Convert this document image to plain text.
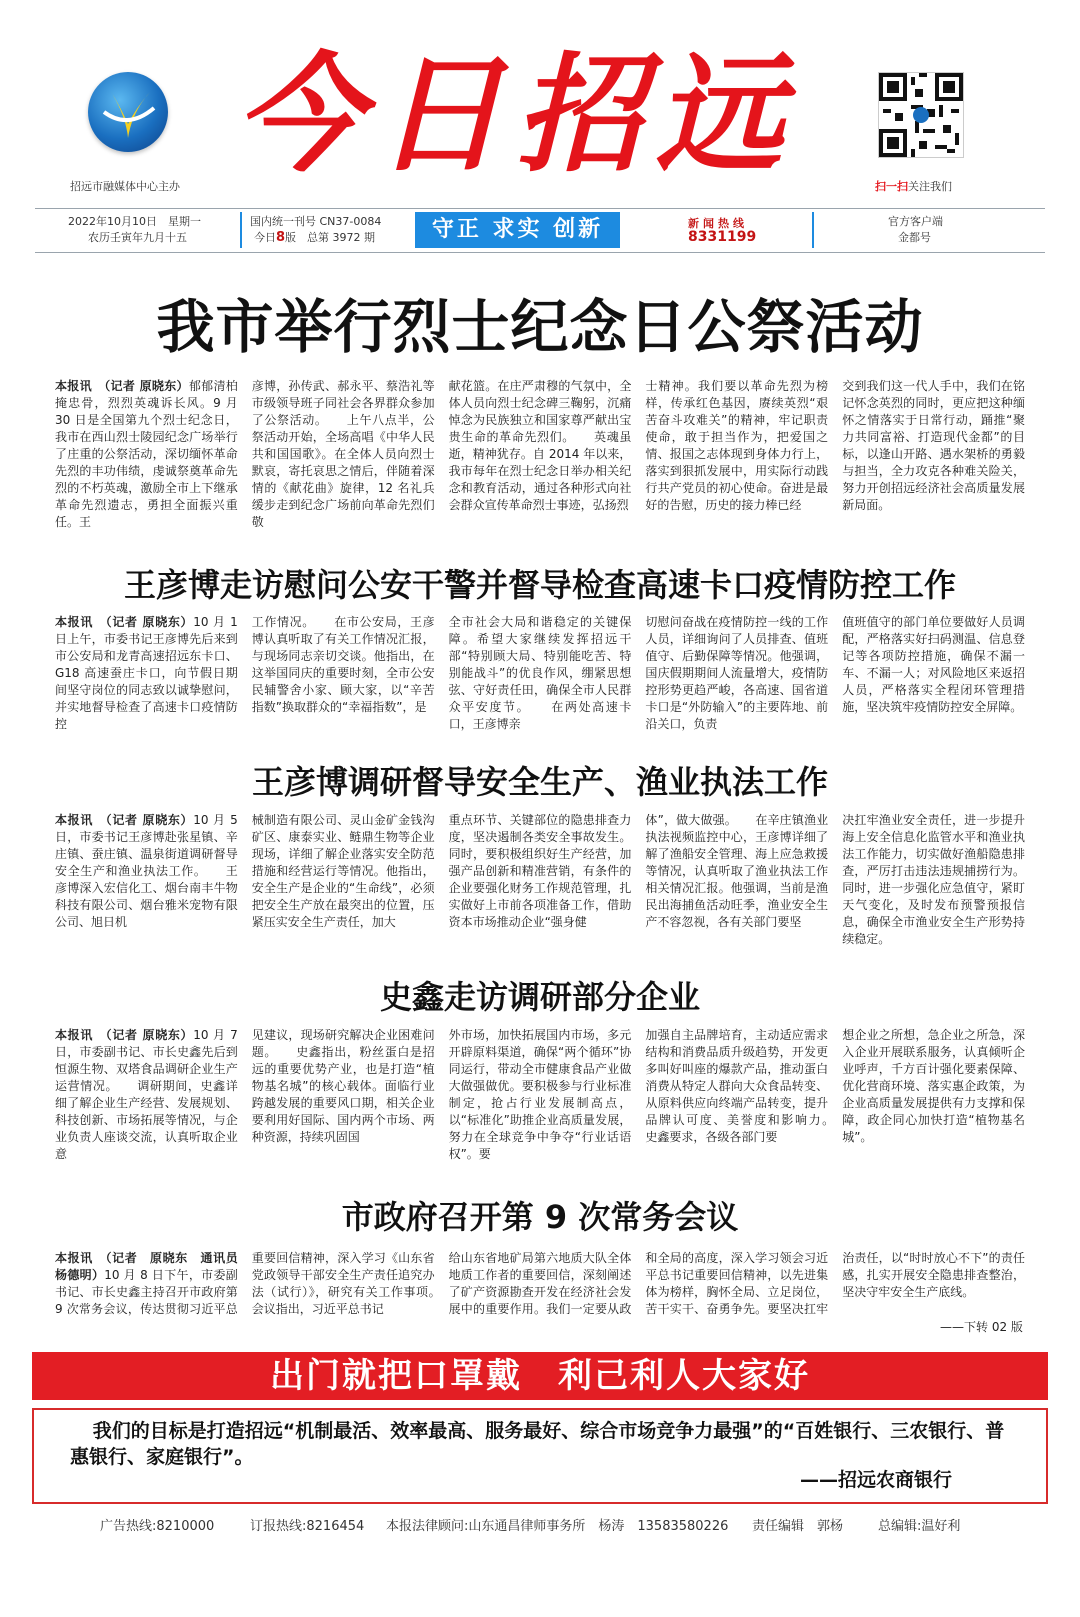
招远市融媒体中心主办 今日招远	扫一扫关注我们
2022年10月10日　星期一
农历壬寅年九月十五
国内统一刊号 CN37-0084
今日8版　总第 3972 期	守正 求实 创新	新闻热线
8331199
官方客户端
金都号
我市举行烈士纪念日公祭活动

本报讯　（记者 原晓东）郁郁清柏掩忠骨，烈烈英魂诉长风。9 月 30 日是全国第九个烈士纪念日，我市在西山烈士陵园纪念广场举行了庄重的公祭活动，深切缅怀革命先烈的丰功伟绩，虔诚祭奠革命先烈的不朽英魂，激励全市上下继承革命先烈遗志，勇担全面振兴重任。王

彦博，孙传武、郝永平、蔡浩礼等市级领导班子同社会各界群众参加了公祭活动。　　上午八点半，公祭活动开始，全场高唱《中华人民共和国国歌》。在全体人员向烈士默哀，寄托哀思之情后，伴随着深情的《献花曲》旋律，12 名礼兵缓步走到纪念广场前向革命先烈们敬
献花篮。在庄严肃穆的气氛中，全体人员向烈士纪念碑三鞠躬，沉痛悼念为民族独立和国家尊严献出宝贵生命的革命先烈们。　　英魂虽逝，精神犹存。自 2014 年以来，我市每年在烈士纪念日举办相关纪念和教育活动，通过各种形式向社会群众宣传革命烈士事迹，弘扬烈
士精神。我们要以革命先烈为榜样，传承红色基因，赓续英烈“艰苦奋斗攻难关”的精神，牢记职责使命，敢于担当作为，把爱国之情、报国之志体现到身体力行上，落实到狠抓发展中，用实际行动践行共产党员的初心使命。奋进是最好的告慰，历史的接力棒已经
交到我们这一代人手中，我们在铭记怀念英烈的同时，更应把这种缅怀之情落实于日常行动，踊推“聚力共同富裕、打造现代金都”的目标，以逢山开路、遇水架桥的勇毅与担当，全力攻克各种难关险关，努力开创招远经济社会高质量发展新局面。
王彦博走访慰问公安干警并督导检查高速卡口疫情防控工作

本报讯　（记者 原晓东）10 月 1 日上午，市委书记王彦博先后来到市公安局和龙青高速招远东卡口、G18 高速蚕庄卡口，向节假日期间坚守岗位的同志致以诚挚慰问，并实地督导检查了高速卡口疫情防控

工作情况。　　在市公安局，王彦博认真听取了有关工作情况汇报，与现场同志亲切交谈。他指出，在这举国同庆的重要时刻，全市公安民辅警舍小家、顾大家，以“辛苦指数”换取群众的“幸福指数”，是
全市社会大局和谐稳定的关键保障。希望大家继续发挥招远干部“特别顾大局、特别能吃苦、特别能战斗”的优良作风，绷紧思想弦、守好责任田，确保全市人民群众平安度节。　　在两处高速卡口，王彦博亲
切慰问奋战在疫情防控一线的工作人员，详细询问了人员排查、值班值守、后勤保障等情况。他强调，国庆假期期间人流量增大，疫情防控形势更趋严峻，各高速、国省道卡口是“外防输入”的主要阵地、前沿关口，负责
值班值守的部门单位要做好人员调配，严格落实好扫码测温、信息登记等各项防控措施，确保不漏一车、不漏一人；对风险地区来返招人员，严格落实全程闭环管理措施，坚决筑牢疫情防控安全屏障。
王彦博调研督导安全生产、渔业执法工作

本报讯　（记者 原晓东）10 月 5 日，市委书记王彦博赴张星镇、辛庄镇、蚕庄镇、温泉街道调研督导安全生产和渔业执法工作。　　王彦博深入宏信化工、烟台南丰牛物科技有限公司、烟台雅米宠物有限公司、旭日机

械制造有限公司、灵山金矿金钱沟矿区、康泰实业、鲢鼎生物等企业现场，详细了解企业落实安全防范措施和经营运行等情况。他指出，安全生产是企业的“生命线”，必须把安全生产放在最突出的位置，压紧压实安全生产责任，加大
重点环节、关键部位的隐患排查力度，坚决遏制各类安全事故发生。同时，要积极组织好生产经营，加强产品创新和精准营销，有条件的企业要强化财务工作规范管理，扎实做好上市前各项准备工作，借助资本市场推动企业“强身健
体”，做大做强。　　在辛庄镇渔业执法视频监控中心，王彦博详细了解了渔船安全管理、海上应急救援等情况，认真听取了渔业执法工作相关情况汇报。他强调，当前是渔民出海捕鱼活动旺季，渔业安全生产不容忽视，各有关部门要坚
决扛牢渔业安全责任，进一步提升海上安全信息化监管水平和渔业执法工作能力，切实做好渔船隐患排查，严厉打击违法违规捕捞行为。同时，进一步强化应急值守，紧盯天气变化，及时发布预警预报信息，确保全市渔业安全生产形势持续稳定。
史鑫走访调研部分企业

本报讯　（记者 原晓东）10 月 7 日，市委副书记、市长史鑫先后到恒源生物、双塔食品调研企业生产运营情况。　　调研期间，史鑫详细了解企业生产经营、发展规划、科技创新、市场拓展等情况，与企业负责人座谈交流，认真听取企业意

见建议，现场研究解决企业困难问题。　　史鑫指出，粉丝蛋白是招远的重要优势产业，也是打造“植物基名城”的核心载体。面临行业跨越发展的重要风口期，相关企业要利用好国际、国内两个市场、两种资源，持续巩固国
外市场，加快拓展国内市场，多元开辟原料渠道，确保“两个循环”协同运行，带动全市健康食品产业做大做强做优。要积极参与行业标准制定，抢占行业发展制高点，以“标准化”助推企业高质量发展，努力在全球竞争中争夺“行业话语权”。要
加强自主品牌培育，主动适应需求结构和消费品质升级趋势，开发更多叫好叫座的爆款产品，推动蛋白消费从特定人群向大众食品转变、从原料供应向终端产品转变，提升品牌认可度、美誉度和影响力。　　史鑫要求，各级各部门要
想企业之所想，急企业之所急，深入企业开展联系服务，认真倾听企业呼声，千方百计强化要素保障、优化营商环境、落实惠企政策，为企业高质量发展提供有力支撑和保障，政企同心加快打造“植物基名城”。
市政府召开第 9 次常务会议

本报讯　（记者　原晓东　通讯员　杨德明）10 月 8 日下午，市委副书记、市长史鑫主持召开市政府第 9 次常务会议，传达贯彻习近平总

重要回信精神，深入学习《山东省党政领导干部安全生产责任追究办法（试行）》，研究有关工作事项。　　会议指出，习近平总书记
给山东省地矿局第六地质大队全体地质工作者的重要回信，深刻阐述了矿产资源勘查开发在经济社会发展中的重要作用。我们一定要从政
和全局的高度，深入学习领会习近平总书记重要回信精神，以先进集体为榜样，胸怀全局、立足岗位，苦干实干、奋勇争先。要坚决扛牢
治责任，以“时时放心不下”的责任感，扎实开展安全隐患排查整治，坚决守牢安全生产底线。
——下转 02 版
出门就把口罩戴　利己利人大家好
我们的目标是打造招远“机制最活、效率最高、服务最好、综合市场竞争力最强”的“百姓银行、三农银行、普惠银行、家庭银行”。
——招远农商银行
广告热线:8210000	订报热线:8216454 本报法律顾问:山东通昌律师事务所　杨涛　13583580226 责任编辑　郭杨	总编辑:温好利
